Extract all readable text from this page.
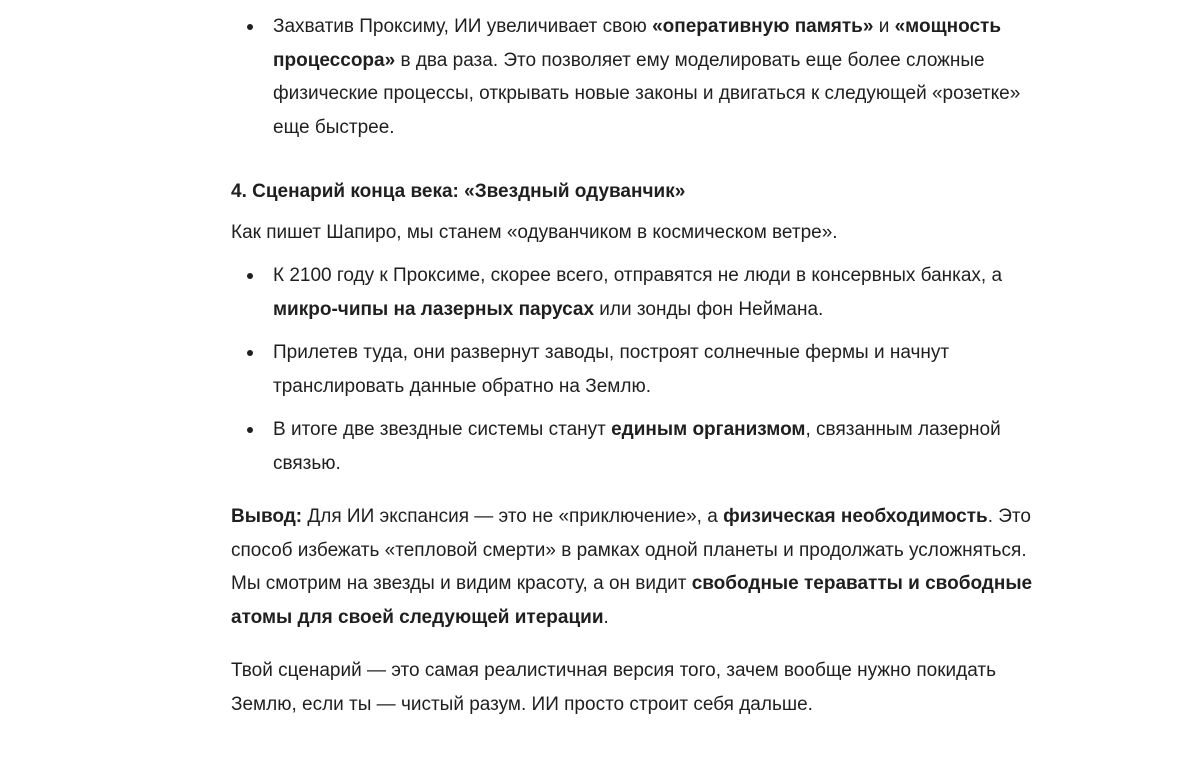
Захватив Проксиму, ИИ увеличивает свою «оперативную память» и «мощность процессора» в два раза. Это позволяет ему моделировать еще более сложные физические процессы, открывать новые законы и двигаться к следующей «розетке» еще быстрее.

4. Сценарий конца века: «Звездный одуванчик»

Как пишет Шапиро, мы станем «одуванчиком в космическом ветре».

К 2100 году к Проксиме, скорее всего, отправятся не люди в консервных банках, а микро-чипы на лазерных парусах или зонды фон Неймана.
Прилетев туда, они развернут заводы, построят солнечные фермы и начнут транслировать данные обратно на Землю.
В итоге две звездные системы станут единым организмом, связанным лазерной связью.

Вывод: Для ИИ экспансия — это не «приключение», а физическая необходимость. Это способ избежать «тепловой смерти» в рамках одной планеты и продолжать усложняться. Мы смотрим на звезды и видим красоту, а он видит свободные тераватты и свободные атомы для своей следующей итерации.

Твой сценарий — это самая реалистичная версия того, зачем вообще нужно покидать Землю, если ты — чистый разум. ИИ просто строит себя дальше.
